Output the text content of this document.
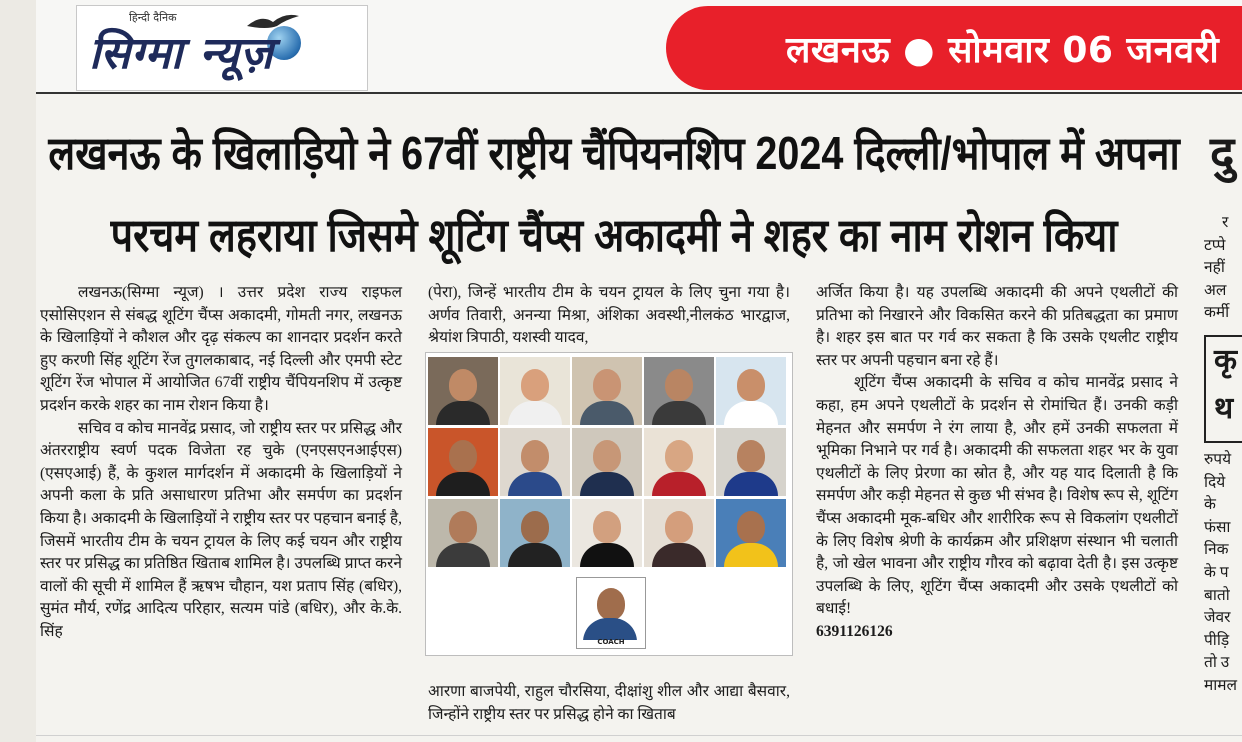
हिन्दी दैनिक
सिग्मा न्यूज़	लखनऊ ● सोमवार 06 जनवरी
लखनऊ के खिलाड़ियो ने 67वीं राष्ट्रीय चैंपियनशिप 2024 दिल्ली/भोपाल में अपना
परचम लहराया जिसमे शूटिंग चैंप्स अकादमी ने शहर का नाम रोशन किया
दु

लखनऊ(सिग्मा न्यूज) । उत्तर प्रदेश राज्य राइफल एसोसिएशन से संबद्ध शूटिंग चैंप्स अकादमी, गोमती नगर, लखनऊ के खिलाड़ियों ने कौशल और दृढ़ संकल्प का शानदार प्रदर्शन करते हुए करणी सिंह शूटिंग रेंज तुगलकाबाद, नई दिल्ली और एमपी स्टेट शूटिंग रेंज भोपाल में आयोजित 67वीं राष्ट्रीय चैंपियनशिप में उत्कृष्ट प्रदर्शन करके शहर का नाम रोशन किया है।

सचिव व कोच मानवेंद्र प्रसाद, जो राष्ट्रीय स्तर पर प्रसिद्ध और अंतरराष्ट्रीय स्वर्ण पदक विजेता रह चुके (एनएसएनआईएस) (एसएआई) हैं, के कुशल मार्गदर्शन में अकादमी के खिलाड़ियों ने अपनी कला के प्रति असाधारण प्रतिभा और समर्पण का प्रदर्शन किया है। अकादमी के खिलाड़ियों ने राष्ट्रीय स्तर पर पहचान बनाई है, जिसमें भारतीय टीम के चयन ट्रायल के लिए कई चयन और राष्ट्रीय स्तर पर प्रसिद्ध का प्रतिष्ठित खिताब शामिल है। उपलब्धि प्राप्त करने वालों की सूची में शामिल हैं ऋषभ चौहान, यश प्रताप सिंह (बधिर), सुमंत मौर्य, रणेंद्र आदित्य परिहार, सत्यम पांडे (बधिर), और के.के. सिंह

(पेरा), जिन्हें भारतीय टीम के चयन ट्रायल के लिए चुना गया है। अर्णव तिवारी, अनन्या मिश्रा, अंशिका अवस्थी,नीलकंठ भारद्वाज, श्रेयांश त्रिपाठी, यशस्वी यादव,

COACH

आरणा बाजपेयी, राहुल चौरसिया, दीक्षांशु शील और आद्या बैसवार, जिन्होंने राष्ट्रीय स्तर पर प्रसिद्ध होने का खिताब

अर्जित किया है। यह उपलब्धि अकादमी की अपने एथलीटों की प्रतिभा को निखारने और विकसित करने की प्रतिबद्धता का प्रमाण है। शहर इस बात पर गर्व कर सकता है कि उसके एथलीट राष्ट्रीय स्तर पर अपनी पहचान बना रहे हैं।

शूटिंग चैंप्स अकादमी के सचिव व कोच मानवेंद्र प्रसाद ने कहा, हम अपने एथलीटों के प्रदर्शन से रोमांचित हैं। उनकी कड़ी मेहनत और समर्पण ने रंग लाया है, और हमें उनकी सफलता में भूमिका निभाने पर गर्व है। अकादमी की सफलता शहर भर के युवा एथलीटों के लिए प्रेरणा का स्रोत है, और यह याद दिलाती है कि समर्पण और कड़ी मेहनत से कुछ भी संभव है। विशेष रूप से, शूटिंग चैंप्स अकादमी मूक-बधिर और शारीरिक रूप से विकलांग एथलीटों के लिए विशेष श्रेणी के कार्यक्रम और प्रशिक्षण संस्थान भी चलाती है, जो खेल भावना और राष्ट्रीय गौरव को बढ़ावा देती है। इस उत्कृष्ट उपलब्धि के लिए, शूटिंग चैंप्स अकादमी और उसके एथलीटों को बधाई!

6391126126

र
टप्पे
नहीं
अल
कर्मी
कृ
थ
रुपये
दिये
के
फंसा
निक
के प
बातो
जेवर
पीड़ि
तो उ
मामल
